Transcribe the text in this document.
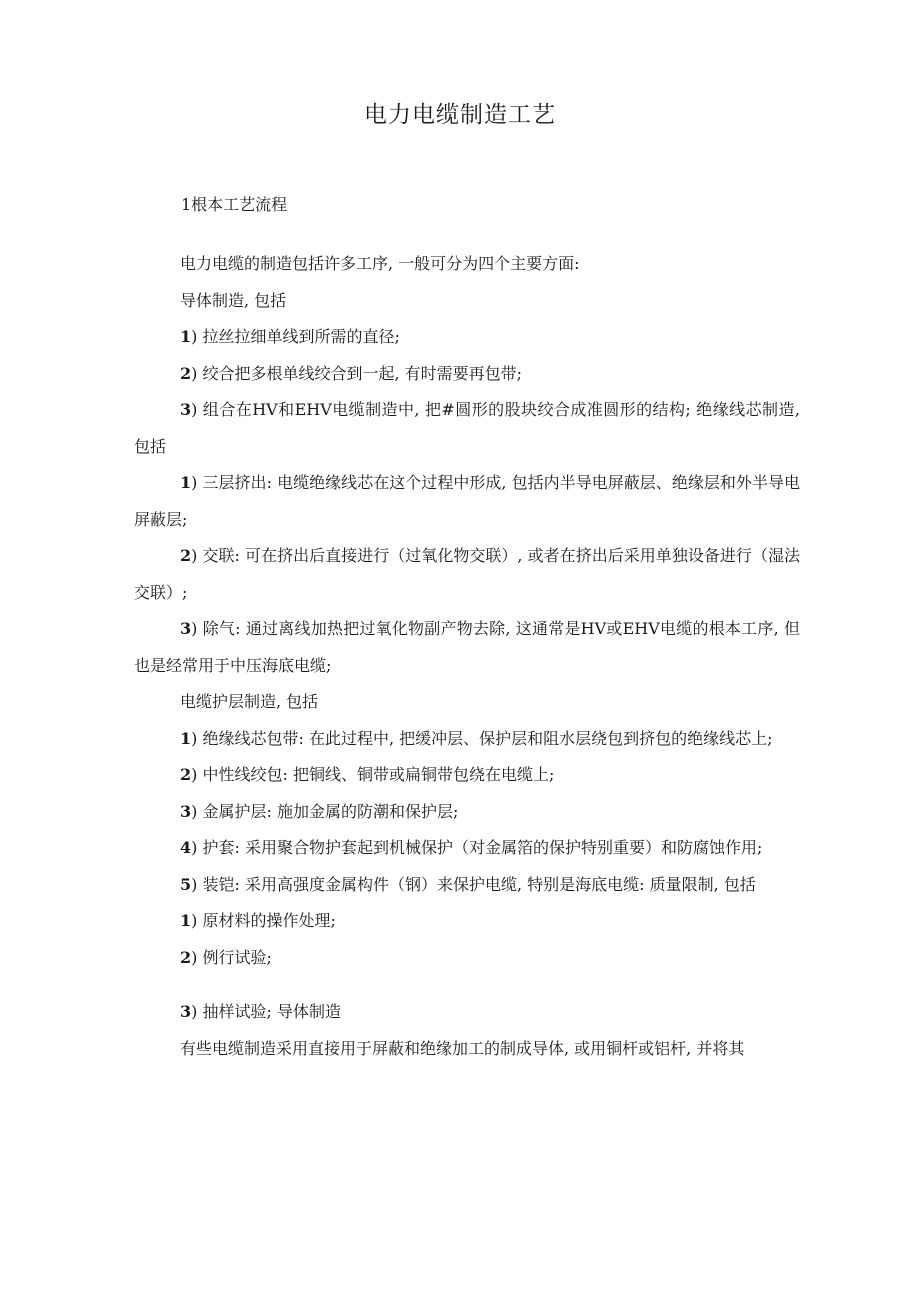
电力电缆制造工艺
1根本工艺流程

电力电缆的制造包括许多工序, 一般可分为四个主要方面:

导体制造, 包括

1) 拉丝拉细单线到所需的直径;

2) 绞合把多根单线绞合到一起, 有时需要再包带;

3) 组合在HV和EHV电缆制造中, 把#圆形的股块绞合成准圆形的结构; 绝缘线芯制造, 包括

1) 三层挤出: 电缆绝缘线芯在这个过程中形成, 包括内半导电屏蔽层、绝缘层和外半导电屏蔽层;

2) 交联: 可在挤出后直接进行（过氧化物交联）, 或者在挤出后采用单独设备进行（湿法交联）;

3) 除气: 通过离线加热把过氧化物副产物去除, 这通常是HV或EHV电缆的根本工序, 但也是经常用于中压海底电缆;

电缆护层制造, 包括

1) 绝缘线芯包带: 在此过程中, 把缓冲层、保护层和阻水层绕包到挤包的绝缘线芯上;

2) 中性线绞包: 把铜线、铜带或扁铜带包绕在电缆上;

3) 金属护层: 施加金属的防潮和保护层;

4) 护套: 采用聚合物护套起到机械保护（对金属箔的保护特别重要）和防腐蚀作用;

5) 装铠: 采用高强度金属构件（钢）来保护电缆, 特别是海底电缆: 质量限制, 包括

1) 原材料的操作处理;

2) 例行试验;

3) 抽样试验; 导体制造

有些电缆制造采用直接用于屏蔽和绝缘加工的制成导体, 或用铜杆或铝杆, 并将其
